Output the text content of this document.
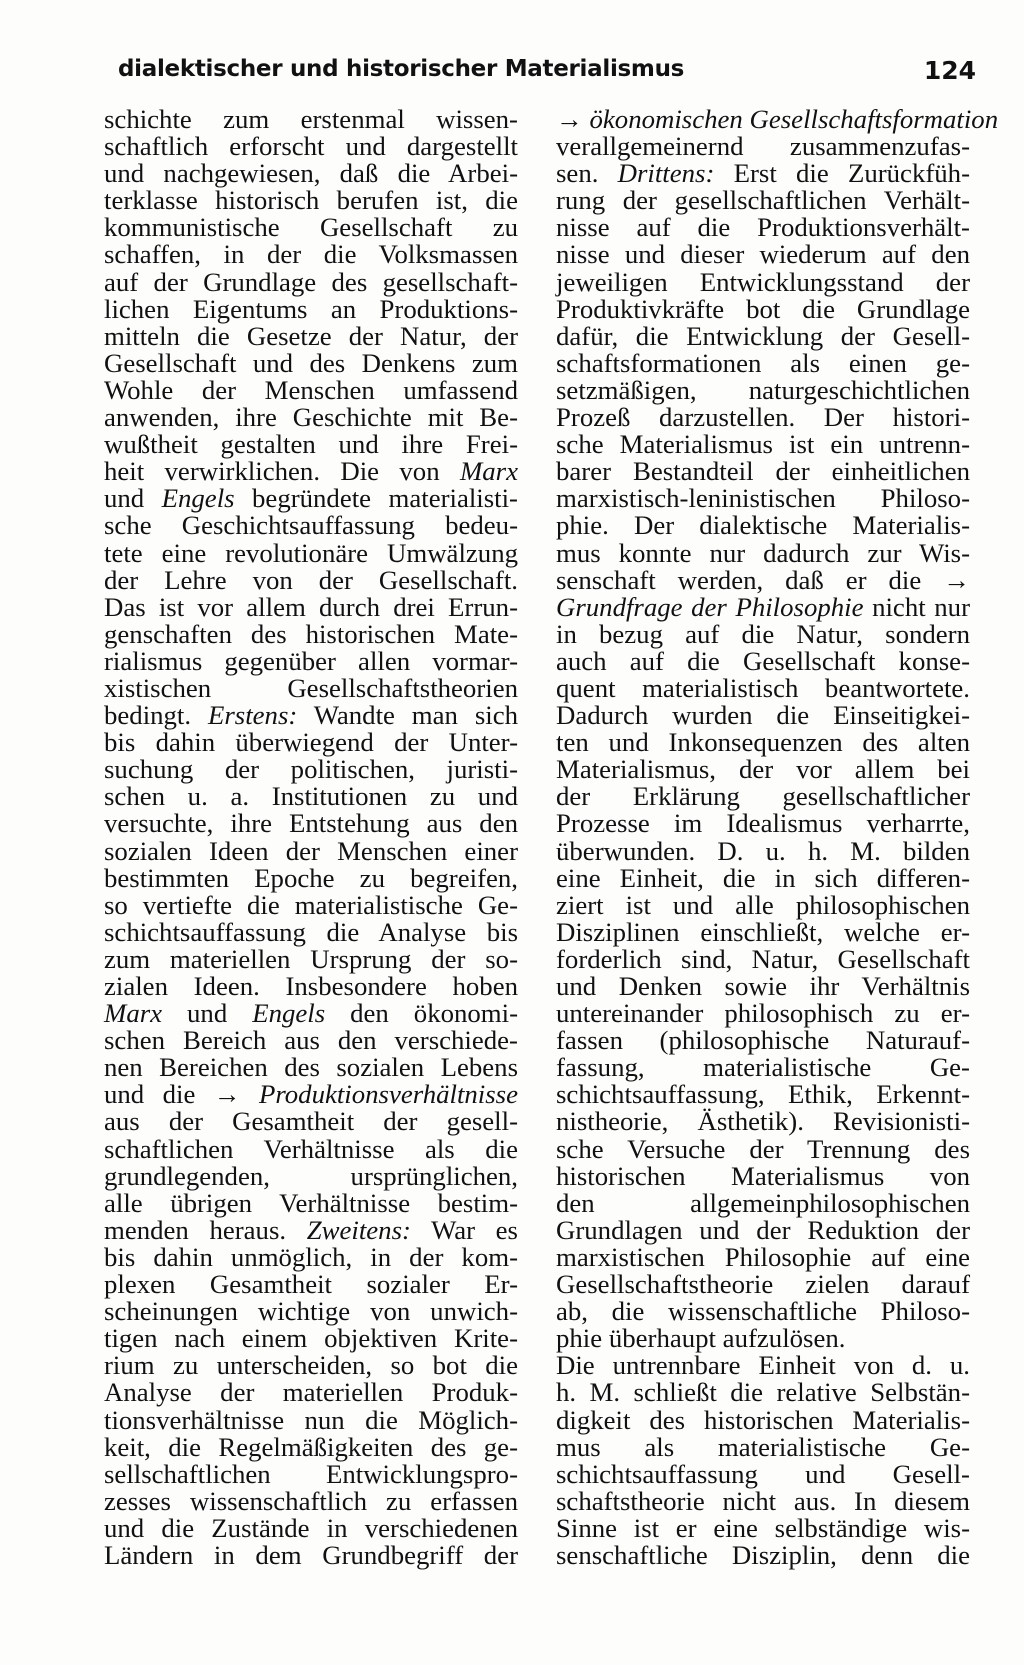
dialektischer und historischer Materialismus	124
schichte zum erstenmal wissen-
schaftlich erforscht und dargestellt
und nachgewiesen, daß die Arbei-
terklasse historisch berufen ist, die
kommunistische Gesellschaft zu
schaffen, in der die Volksmassen
auf der Grundlage des gesellschaft-
lichen Eigentums an Produktions-
mitteln die Gesetze der Natur, der
Gesellschaft und des Denkens zum
Wohle der Menschen umfassend
anwenden, ihre Geschichte mit Be-
wußtheit gestalten und ihre Frei-
heit verwirklichen. Die von Marx
und Engels begründete materialisti-
sche Geschichtsauffassung bedeu-
tete eine revolutionäre Umwälzung
der Lehre von der Gesellschaft.
Das ist vor allem durch drei Errun-
genschaften des historischen Mate-
rialismus gegenüber allen vormar-
xistischen Gesellschaftstheorien
bedingt. Erstens: Wandte man sich
bis dahin überwiegend der Unter-
suchung der politischen, juristi-
schen u. a. Institutionen zu und
versuchte, ihre Entstehung aus den
sozialen Ideen der Menschen einer
bestimmten Epoche zu begreifen,
so vertiefte die materialistische Ge-
schichtsauffassung die Analyse bis
zum materiellen Ursprung der so-
zialen Ideen. Insbesondere hoben
Marx und Engels den ökonomi-
schen Bereich aus den verschiede-
nen Bereichen des sozialen Lebens
und die → Produktionsverhältnisse
aus der Gesamtheit der gesell-
schaftlichen Verhältnisse als die
grundlegenden, ursprünglichen,
alle übrigen Verhältnisse bestim-
menden heraus. Zweitens: War es
bis dahin unmöglich, in der kom-
plexen Gesamtheit sozialer Er-
scheinungen wichtige von unwich-
tigen nach einem objektiven Krite-
rium zu unterscheiden, so bot die
Analyse der materiellen Produk-
tionsverhältnisse nun die Möglich-
keit, die Regelmäßigkeiten des ge-
sellschaftlichen Entwicklungspro-
zesses wissenschaftlich zu erfassen
und die Zustände in verschiedenen
Ländern in dem Grundbegriff der
→ ökonomischen Gesellschaftsformation
verallgemeinernd zusammenzufas-
sen. Drittens: Erst die Zurückfüh-
rung der gesellschaftlichen Verhält-
nisse auf die Produktionsverhält-
nisse und dieser wiederum auf den
jeweiligen Entwicklungsstand der
Produktivkräfte bot die Grundlage
dafür, die Entwicklung der Gesell-
schaftsformationen als einen ge-
setzmäßigen, naturgeschichtlichen
Prozeß darzustellen. Der histori-
sche Materialismus ist ein untrenn-
barer Bestandteil der einheitlichen
marxistisch-leninistischen Philoso-
phie. Der dialektische Materialis-
mus konnte nur dadurch zur Wis-
senschaft werden, daß er die →
Grundfrage der Philosophie nicht nur
in bezug auf die Natur, sondern
auch auf die Gesellschaft konse-
quent materialistisch beantwortete.
Dadurch wurden die Einseitigkei-
ten und Inkonsequenzen des alten
Materialismus, der vor allem bei
der Erklärung gesellschaftlicher
Prozesse im Idealismus verharrte,
überwunden. D. u. h. M. bilden
eine Einheit, die in sich differen-
ziert ist und alle philosophischen
Disziplinen einschließt, welche er-
forderlich sind, Natur, Gesellschaft
und Denken sowie ihr Verhältnis
untereinander philosophisch zu er-
fassen (philosophische Naturauf-
fassung, materialistische Ge-
schichtsauffassung, Ethik, Erkennt-
nistheorie, Ästhetik). Revisionisti-
sche Versuche der Trennung des
historischen Materialismus von
den allgemeinphilosophischen
Grundlagen und der Reduktion der
marxistischen Philosophie auf eine
Gesellschaftstheorie zielen darauf
ab, die wissenschaftliche Philoso-
phie überhaupt aufzulösen.
Die untrennbare Einheit von d. u.
h. M. schließt die relative Selbstän-
digkeit des historischen Materialis-
mus als materialistische Ge-
schichtsauffassung und Gesell-
schaftstheorie nicht aus. In diesem
Sinne ist er eine selbständige wis-
senschaftliche Disziplin, denn die
